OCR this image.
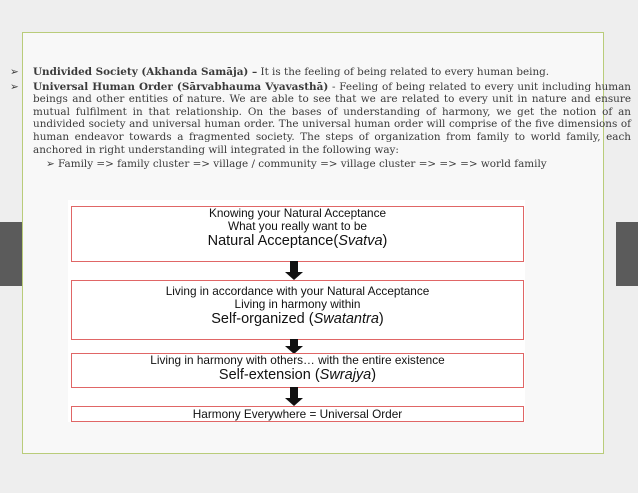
➢ Undivided Society (Akhanda Samāja) – It is the feeling of being related to every human being.

➢ Universal Human Order (Sārvabhauma Vyavasthā) - Feeling of being related to every unit including human beings and other entities of nature. We are able to see that we are related to every unit in nature and ensure mutual fulfilment in that relationship. On the bases of understanding of harmony, we get the notion of an undivided society and universal human order. The universal human order will comprise of the five dimensions of human endeavor towards a fragmented society. The steps of organization from family to world family, each anchored in right understanding will integrated in the following way:

➢ Family => family cluster => village / community => village cluster => => => world family

Knowing your Natural Acceptance
What you really want to be
Natural Acceptance(Svatva)
Living in accordance with your Natural Acceptance
Living in harmony within
Self-organized (Swatantra)
Living in harmony with others… with the entire existence
Self-extension (Swrajya)
Harmony Everywhere = Universal Order
